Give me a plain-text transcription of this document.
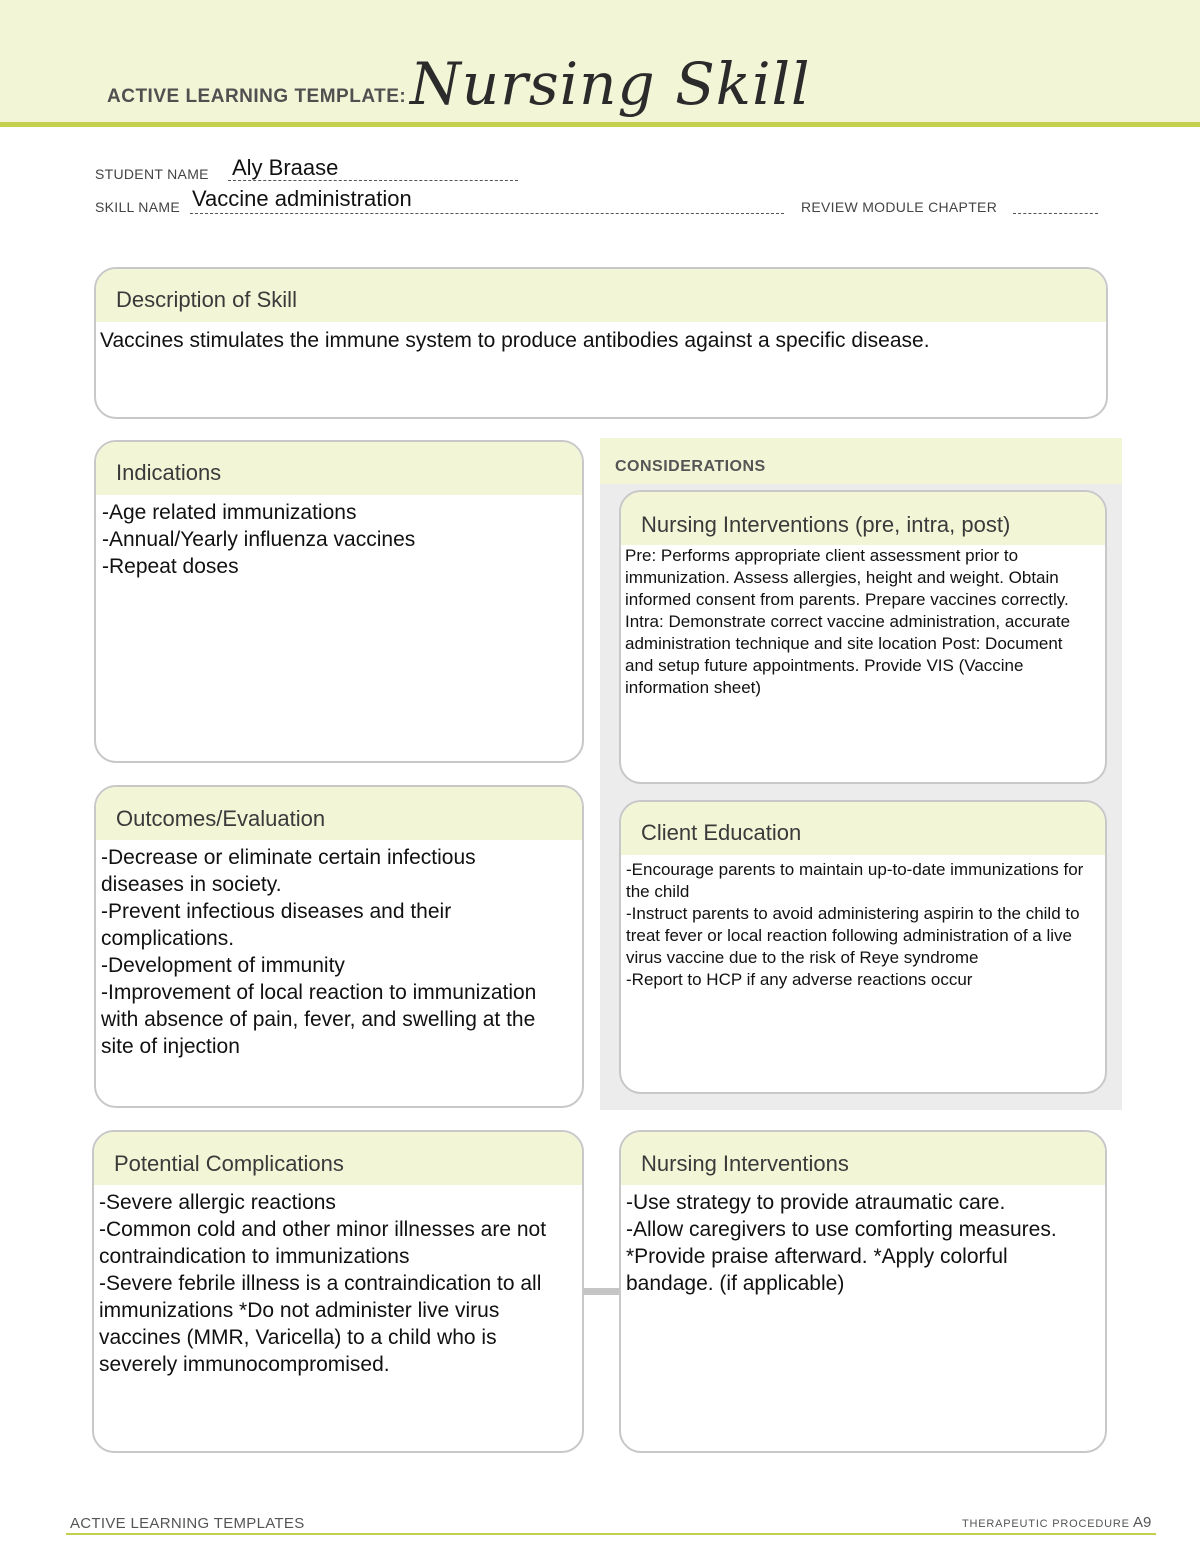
ACTIVE LEARNING TEMPLATE: Nursing Skill
STUDENT NAME Aly Braase
SKILL NAME Vaccine administration	REVIEW MODULE CHAPTER
Description of Skill
Vaccines stimulates the immune system to produce antibodies against a specific disease.
Indications
-Age related immunizations
-Annual/Yearly influenza vaccines
-Repeat doses
CONSIDERATIONS
Nursing Interventions (pre, intra, post)
Pre: Performs appropriate client assessment prior to immunization. Assess allergies, height and weight. Obtain informed consent from parents. Prepare vaccines correctly. Intra: Demonstrate correct vaccine administration, accurate administration technique and site location Post: Document and setup future appointments. Provide VIS (Vaccine information sheet)
Outcomes/Evaluation
-Decrease or eliminate certain infectious diseases in society.
-Prevent infectious diseases and their complications.
-Development of immunity
-Improvement of local reaction to immunization with absence of pain, fever, and swelling at the site of injection
Client Education
-Encourage parents to maintain up-to-date immunizations for the child
-Instruct parents to avoid administering aspirin to the child to treat fever or local reaction following administration of a live virus vaccine due to the risk of Reye syndrome
-Report to HCP if any adverse reactions occur
Potential Complications
-Severe allergic reactions
-Common cold and other minor illnesses are not contraindication to immunizations
-Severe febrile illness is a contraindication to all immunizations *Do not administer live virus vaccines (MMR, Varicella) to a child who is severely immunocompromised.
Nursing Interventions
-Use strategy to provide atraumatic care.
-Allow caregivers to use comforting measures. *Provide praise afterward. *Apply colorful bandage. (if applicable)
ACTIVE LEARNING TEMPLATES	THERAPEUTIC PROCEDURE A9
